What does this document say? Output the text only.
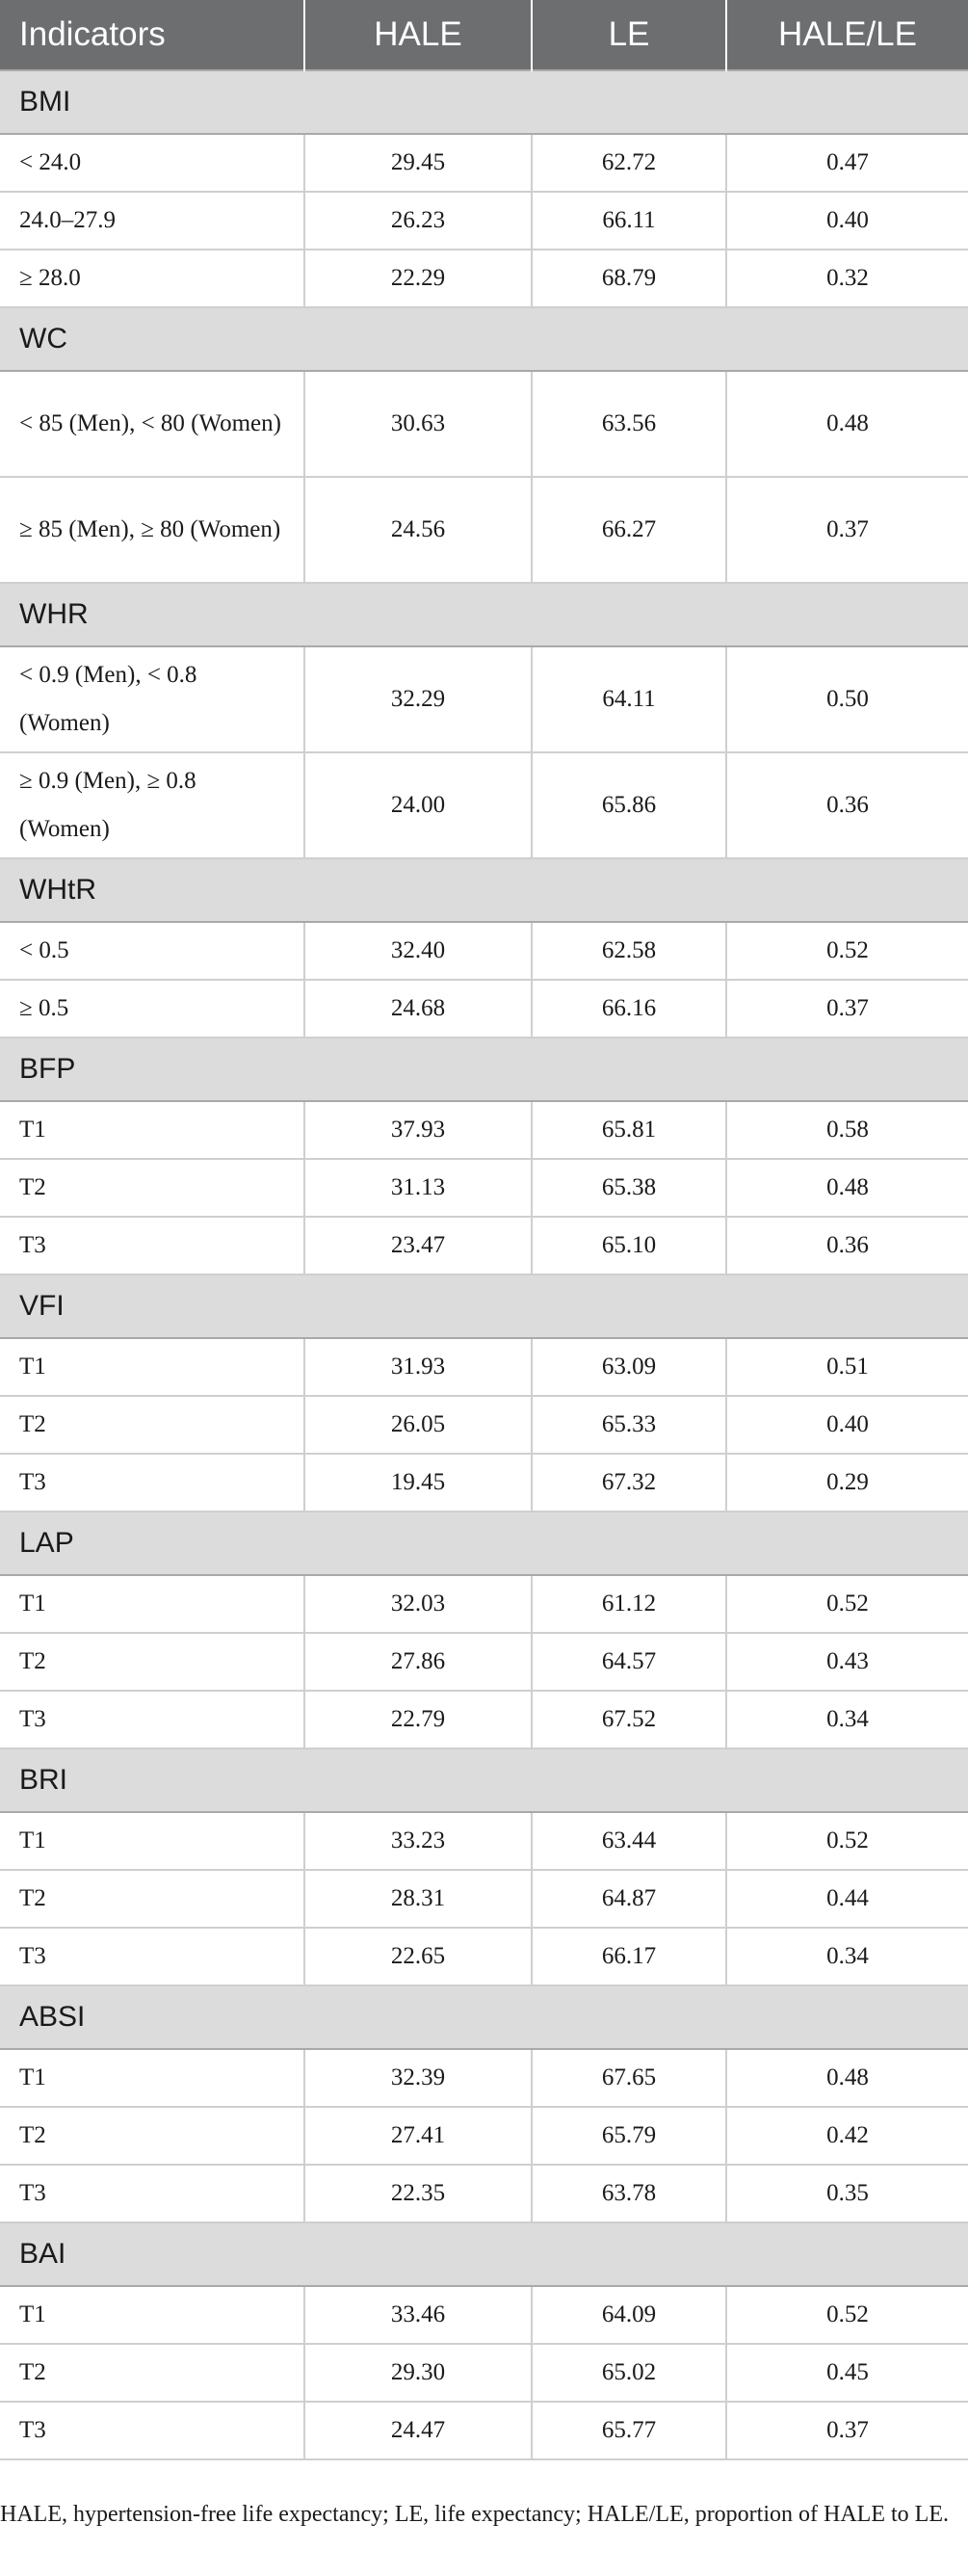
Indicators	HALE	LE	HALE/LE
BMI			
< 24.0	29.45	62.72	0.47
24.0–27.9	26.23	66.11	0.40
≥ 28.0	22.29	68.79	0.32
WC			
< 85 (Men), < 80 (Women)	30.63	63.56	0.48
≥ 85 (Men), ≥ 80 (Women)	24.56	66.27	0.37
WHR			
< 0.9 (Men), < 0.8 (Women)	32.29	64.11	0.50
≥ 0.9 (Men), ≥ 0.8 (Women)	24.00	65.86	0.36
WHtR			
< 0.5	32.40	62.58	0.52
≥ 0.5	24.68	66.16	0.37
BFP			
T1	37.93	65.81	0.58
T2	31.13	65.38	0.48
T3	23.47	65.10	0.36
VFI			
T1	31.93	63.09	0.51
T2	26.05	65.33	0.40
T3	19.45	67.32	0.29
LAP			
T1	32.03	61.12	0.52
T2	27.86	64.57	0.43
T3	22.79	67.52	0.34
BRI			
T1	33.23	63.44	0.52
T2	28.31	64.87	0.44
T3	22.65	66.17	0.34
ABSI			
T1	32.39	67.65	0.48
T2	27.41	65.79	0.42
T3	22.35	63.78	0.35
BAI			
T1	33.46	64.09	0.52
T2	29.30	65.02	0.45
T3	24.47	65.77	0.37
HALE, hypertension-free life expectancy; LE, life expectancy; HALE/LE, proportion of HALE to LE.
